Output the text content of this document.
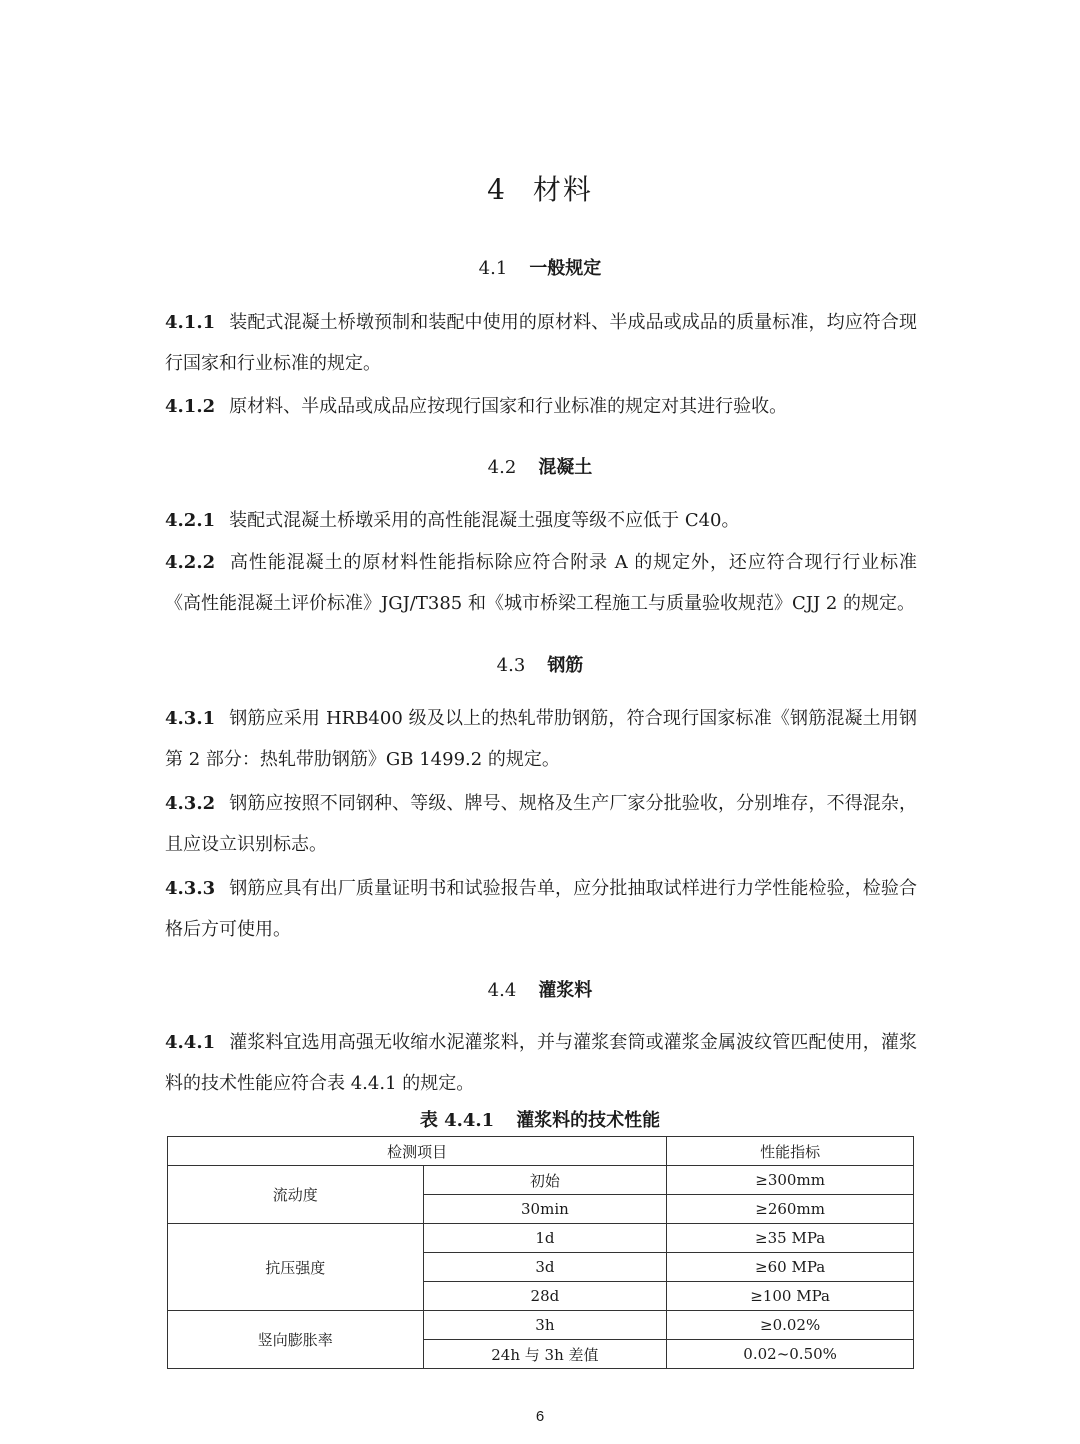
4 材料
4.1 一般规定
4.1.1 装配式混凝土桥墩预制和装配中使用的原材料、半成品或成品的质量标准，均应符合现行国家和行业标准的规定。
4.1.2 原材料、半成品或成品应按现行国家和行业标准的规定对其进行验收。
4.2 混凝土
4.2.1 装配式混凝土桥墩采用的高性能混凝土强度等级不应低于 C40。
4.2.2 高性能混凝土的原材料性能指标除应符合附录 A 的规定外，还应符合现行行业标准《高性能混凝土评价标准》JGJ/T385 和《城市桥梁工程施工与质量验收规范》CJJ 2 的规定。
4.3 钢筋
4.3.1 钢筋应采用 HRB400 级及以上的热轧带肋钢筋，符合现行国家标准《钢筋混凝土用钢 第 2 部分：热轧带肋钢筋》GB 1499.2 的规定。
4.3.2 钢筋应按照不同钢种、等级、牌号、规格及生产厂家分批验收，分别堆存，不得混杂，且应设立识别标志。
4.3.3 钢筋应具有出厂质量证明书和试验报告单，应分批抽取试样进行力学性能检验，检验合格后方可使用。
4.4 灌浆料
4.4.1 灌浆料宜选用高强无收缩水泥灌浆料，并与灌浆套筒或灌浆金属波纹管匹配使用，灌浆料的技术性能应符合表 4.4.1 的规定。
表 4.4.1 灌浆料的技术性能
检测项目		性能指标
流动度	初始	≥300mm
	30min	≥260mm
抗压强度	1d	≥35 MPa
	3d	≥60 MPa
	28d	≥100 MPa
竖向膨胀率	3h	≥0.02%
	24h 与 3h 差值	0.02~0.50%
6
